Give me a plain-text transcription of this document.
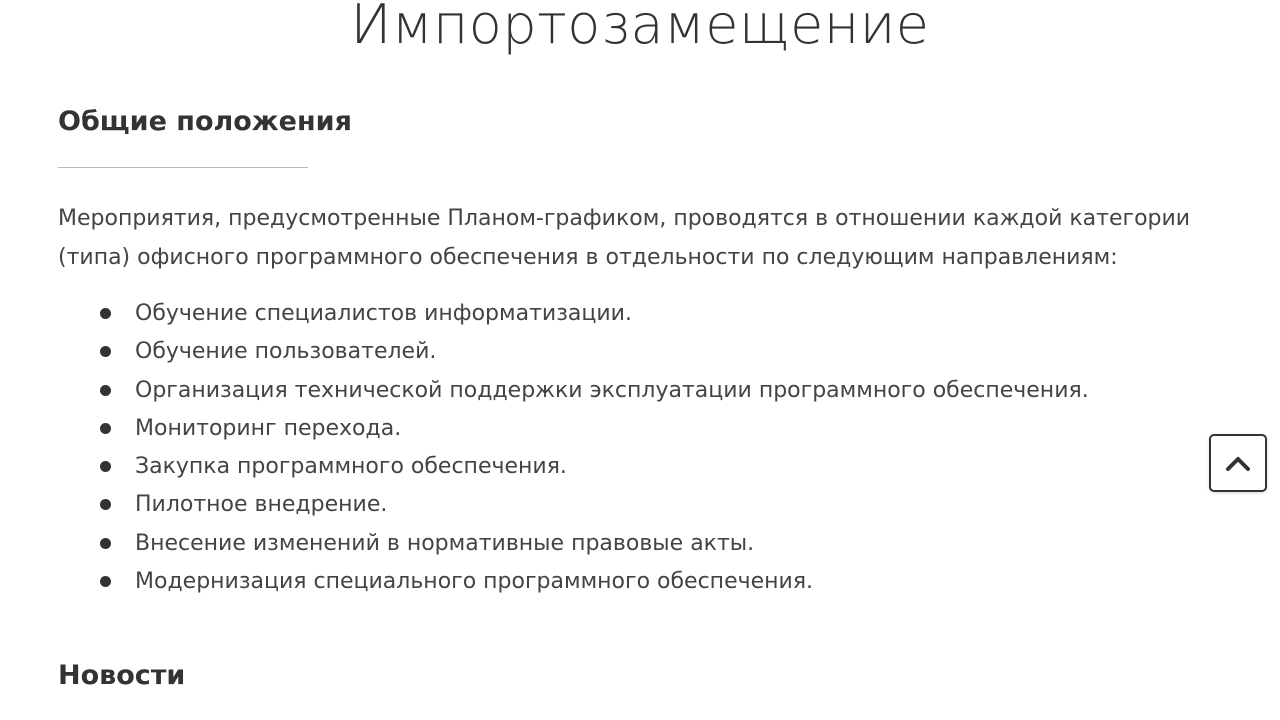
Импортозамещение
Общие положения

Мероприятия, предусмотренные Планом-графиком, проводятся в отношении каждой категории (типа) офисного программного обеспечения в отдельности по следующим направлениям:

Обучение специалистов информатизации.
Обучение пользователей.
Организация технической поддержки эксплуатации программного обеспечения.
Мониторинг перехода.
Закупка программного обеспечения.
Пилотное внедрение.
Внесение изменений в нормативные правовые акты.
Модернизация специального программного обеспечения.
Новости
